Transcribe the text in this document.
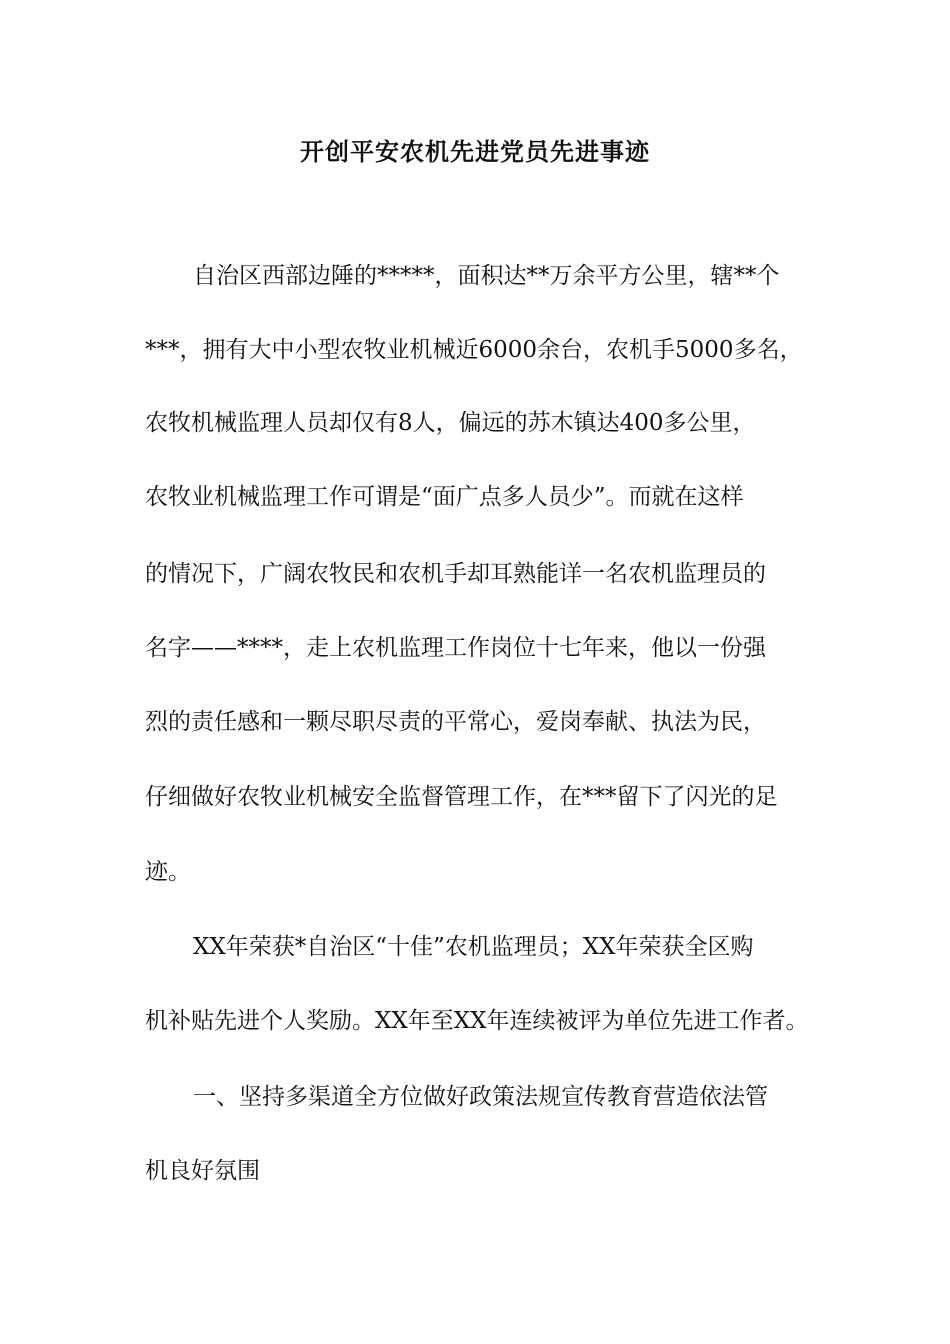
开创平安农机先进党员先进事迹
自治区西部边陲的*****，面积达**万余平方公里，辖**个
***，拥有大中小型农牧业机械近6000余台，农机手5000多名，
农牧机械监理人员却仅有8人，偏远的苏木镇达400多公里，
农牧业机械监理工作可谓是“面广点多人员少”。而就在这样
的情况下，广阔农牧民和农机手却耳熟能详一名农机监理员的
名字——****，走上农机监理工作岗位十七年来，他以一份强
烈的责任感和一颗尽职尽责的平常心，爱岗奉献、执法为民，
仔细做好农牧业机械安全监督管理工作，在***留下了闪光的足
迹。
XX年荣获*自治区“十佳”农机监理员；XX年荣获全区购
机补贴先进个人奖励。XX年至XX年连续被评为单位先进工作者。
一、坚持多渠道全方位做好政策法规宣传教育营造依法管
机良好氛围
